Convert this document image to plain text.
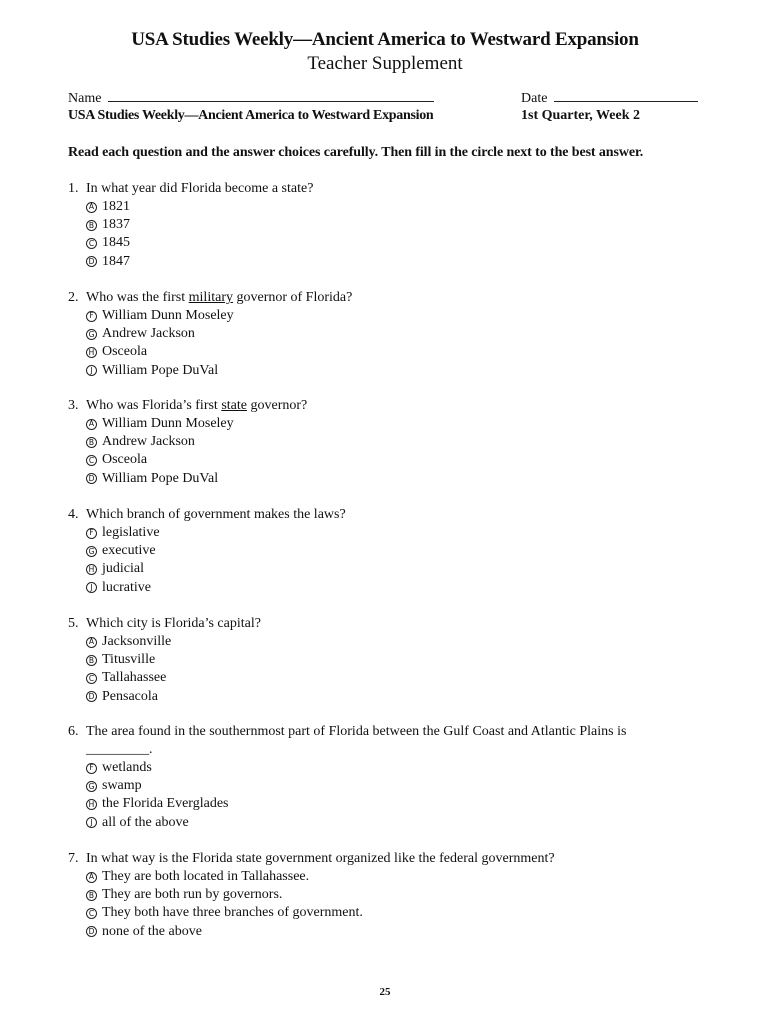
USA Studies Weekly—Ancient America to Westward Expansion
Teacher Supplement
Name	Date
USA Studies Weekly—Ancient America to Westward Expansion	1st Quarter, Week 2
Read each question and the answer choices carefully. Then fill in the circle next to the best answer.
1. In what year did Florida become a state?
A 1821
B 1837
C 1845
D 1847
2. Who was the first military governor of Florida?
F William Dunn Moseley
G Andrew Jackson
H Osceola
J William Pope DuVal
3. Who was Florida’s first state governor?
A William Dunn Moseley
B Andrew Jackson
C Osceola
D William Pope DuVal
4. Which branch of government makes the laws?
F legislative
G executive
H judicial
J lucrative
5. Which city is Florida’s capital?
A Jacksonville
B Titusville
C Tallahassee
D Pensacola
6. The area found in the southernmost part of Florida between the Gulf Coast and Atlantic Plains is
_________.
F wetlands
G swamp
H the Florida Everglades
J all of the above
7. In what way is the Florida state government organized like the federal government?
A They are both located in Tallahassee.
B They are both run by governors.
C They both have three branches of government.
D none of the above
25
